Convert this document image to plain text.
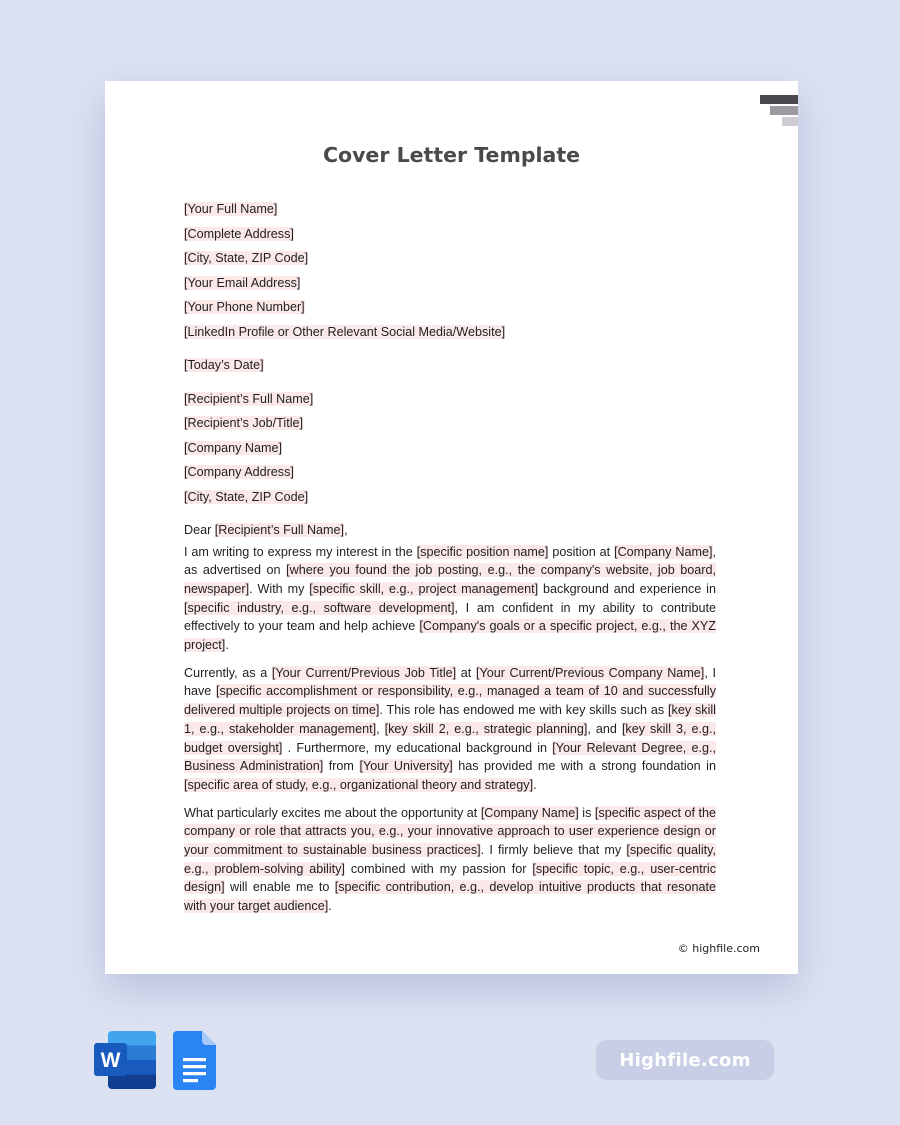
Cover Letter Template
[Your Full Name]
[Complete Address]
[City, State, ZIP Code]
[Your Email Address]
[Your Phone Number]
[LinkedIn Profile or Other Relevant Social Media/Website]
[Today’s Date]
[Recipient’s Full Name]
[Recipient’s Job/Title]
[Company Name]
[Company Address]
[City, State, ZIP Code]
Dear [Recipient’s Full Name],

I am writing to express my interest in the [specific position name] position at [Company Name], as advertised on [where you found the job posting, e.g., the company's website, job board, newspaper]. With my [specific skill, e.g., project management] background and experience in [specific industry, e.g., software development], I am confident in my ability to contribute effectively to your team and help achieve [Company's goals or a specific project, e.g., the XYZ project].

Currently, as a [Your Current/Previous Job Title] at [Your Current/Previous Company Name], I have [specific accomplishment or responsibility, e.g., managed a team of 10 and successfully delivered multiple projects on time]. This role has endowed me with key skills such as [key skill 1, e.g., stakeholder management], [key skill 2, e.g., strategic planning], and [key skill 3, e.g., budget oversight] . Furthermore, my educational background in [Your Relevant Degree, e.g., Business Administration] from [Your University] has provided me with a strong foundation in [specific area of study, e.g., organizational theory and strategy].

What particularly excites me about the opportunity at [Company Name] is [specific aspect of the company or role that attracts you, e.g., your innovative approach to user experience design or your commitment to sustainable business practices]. I firmly believe that my [specific quality, e.g., problem-solving ability] combined with my passion for [specific topic, e.g., user-centric design] will enable me to [specific contribution, e.g., develop intuitive products that resonate with your target audience].

© highfile.com
W	Highfile.com
